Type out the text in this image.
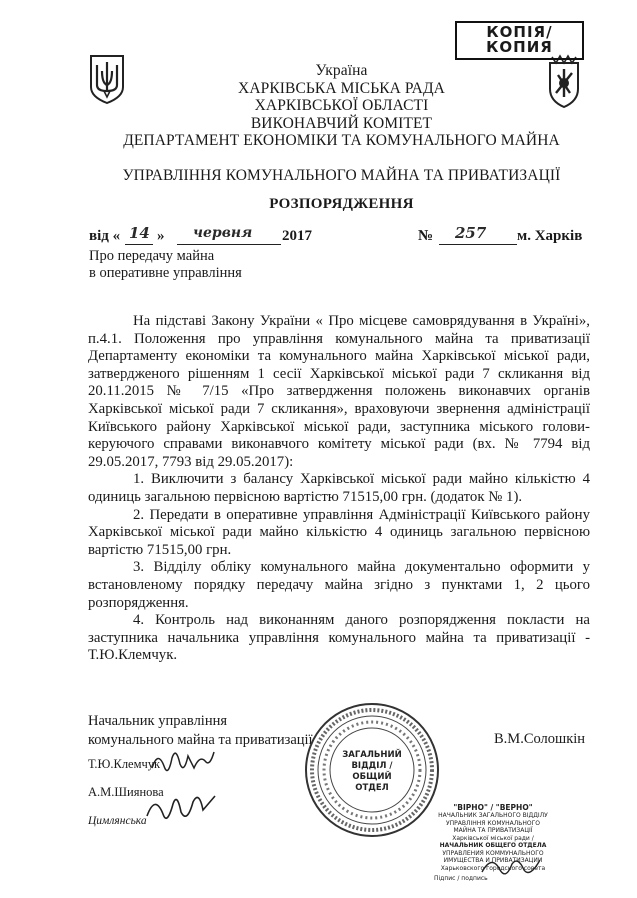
КОПІЯ/
КОПИЯ
Україна
ХАРКІВСЬКА МІСЬКА РАДА
ХАРКІВСЬКОЇ ОБЛАСТІ
ВИКОНАВЧИЙ КОМІТЕТ
ДЕПАРТАМЕНТ ЕКОНОМІКИ ТА КОМУНАЛЬНОГО МАЙНА
УПРАВЛІННЯ КОМУНАЛЬНОГО МАЙНА ТА ПРИВАТИЗАЦІЇ
РОЗПОРЯДЖЕННЯ
від « 14 » червня 2017	№ 257 м. Харків
Про передачу майна
в оперативне управління

На підставі Закону України « Про місцеве самоврядування в Україні», п.4.1. Положення про управління комунального майна та приватизації Департаменту економіки та комунального майна Харківської міської ради, затвердженого рішенням 1 сесії Харківської міської ради 7 скликання від 20.11.2015 № 7/15 «Про затвердження положень виконавчих органів Харківської міської ради 7 скликання», враховуючи звернення адміністрації Київського району Харківської міської ради, заступника міського голови-керуючого справами виконавчого комітету міської ради (вх. № 7794 від 29.05.2017, 7793 від 29.05.2017):

1. Виключити з балансу Харківської міської ради майно кількістю 4 одиниць загальною первісною вартістю 71515,00 грн. (додаток № 1).

2. Передати в оперативне управління Адміністрації Київського району Харківської міської ради майно кількістю 4 одиниць загальною первісною вартістю 71515,00 грн.

3. Відділу обліку комунального майна документально оформити у встановленому порядку передачу майна згідно з пунктами 1, 2 цього розпорядження.

4. Контроль над виконанням даного розпорядження покласти на заступника начальника управління комунального майна та приватизації - Т.Ю.Клемчук.

Начальник управління
комунального майна та приватизації	В.М.Солошкін
Т.Ю.Клемчук
А.М.Шиянова
Цимлянська
ЗАГАЛЬНИЙ
ВІДДІЛ /
ОБЩИЙ ОТДЕЛ
"ВІРНО" / "ВЕРНО"
НАЧАЛЬНИК ЗАГАЛЬНОГО ВІДДІЛУ
УПРАВЛІННЯ КОМУНАЛЬНОГО МАЙНА ТА ПРИВАТИЗАЦІЇ
Харківської міської ради /
НАЧАЛЬНИК ОБЩЕГО ОТДЕЛА
УПРАВЛЕНИЯ КОММУНАЛЬНОГО ИМУЩЕСТВА И ПРИВАТИЗАЦИИ
Харьковского городского совета
Підпис / подпись
